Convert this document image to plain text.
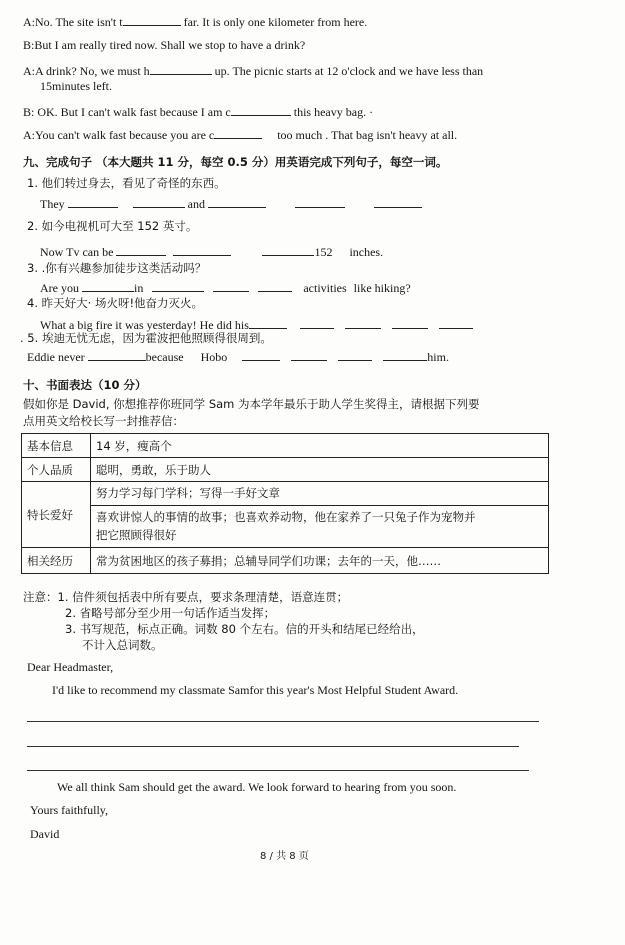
A:No. The site isn't t	far. It is only one kilometer from here.
B:But I am really tired now. Shall we stop to have a drink?
A:A drink? No, we must h	up. The picnic starts at 12 o'clock and we have less than
15minutes left.
B: OK. But I can't walk fast because I am c	this heavy bag. ·
A:You can't walk fast because you are c	too much . That bag isn't heavy at all.
九、完成句子 （本大题共 11 分，每空 0.5 分）用英语完成下列句子，每空一词。
1. 他们转过身去，看见了奇怪的东西。
They	and
2. 如今电视机可大至 152 英寸。
Now Tv can be	152 inches.
3. .你有兴趣参加徒步这类活动吗？
Are you	in	activities like hiking?
4. 昨天好大· 场火呀!他奋力灭火。
What a big fire it was yesterday! He did his
. 5. 埃迪无忧无虑，因为霍波把他照顾得很周到。
Eddie never	because Hobo	him.
十、书面表达（10 分）
假如你是 David, 你想推荐你班同学 Sam 为本学年最乐于助人学生奖得主，请根据下列要
点用英文给校长写一封推荐信：
基本信息	14 岁，瘦高个
个人品质	聪明，勇敢，乐于助人
特长爱好	努力学习每门学科；写得一手好文章
喜欢讲惊人的事情的故事；也喜欢养动物，他在家养了一只兔子作为宠物并
把它照顾得很好

相关经历	常为贫困地区的孩子募捐；总辅导同学们功课；去年的一天，他……
注意：1. 信件须包括表中所有要点，要求条理清楚，语意连贯；
2. 省略号部分至少用一句话作适当发挥；
3. 书写规范，标点正确。词数 80 个左右。信的开头和结尾已经给出，
不计入总词数。
Dear Headmaster,
I'd like to recommend my classmate Samfor this year's Most Helpful Student Award.
We all think Sam should get the award. We look forward to hearing from you soon.
Yours faithfully,
David
8 / 共 8 页
